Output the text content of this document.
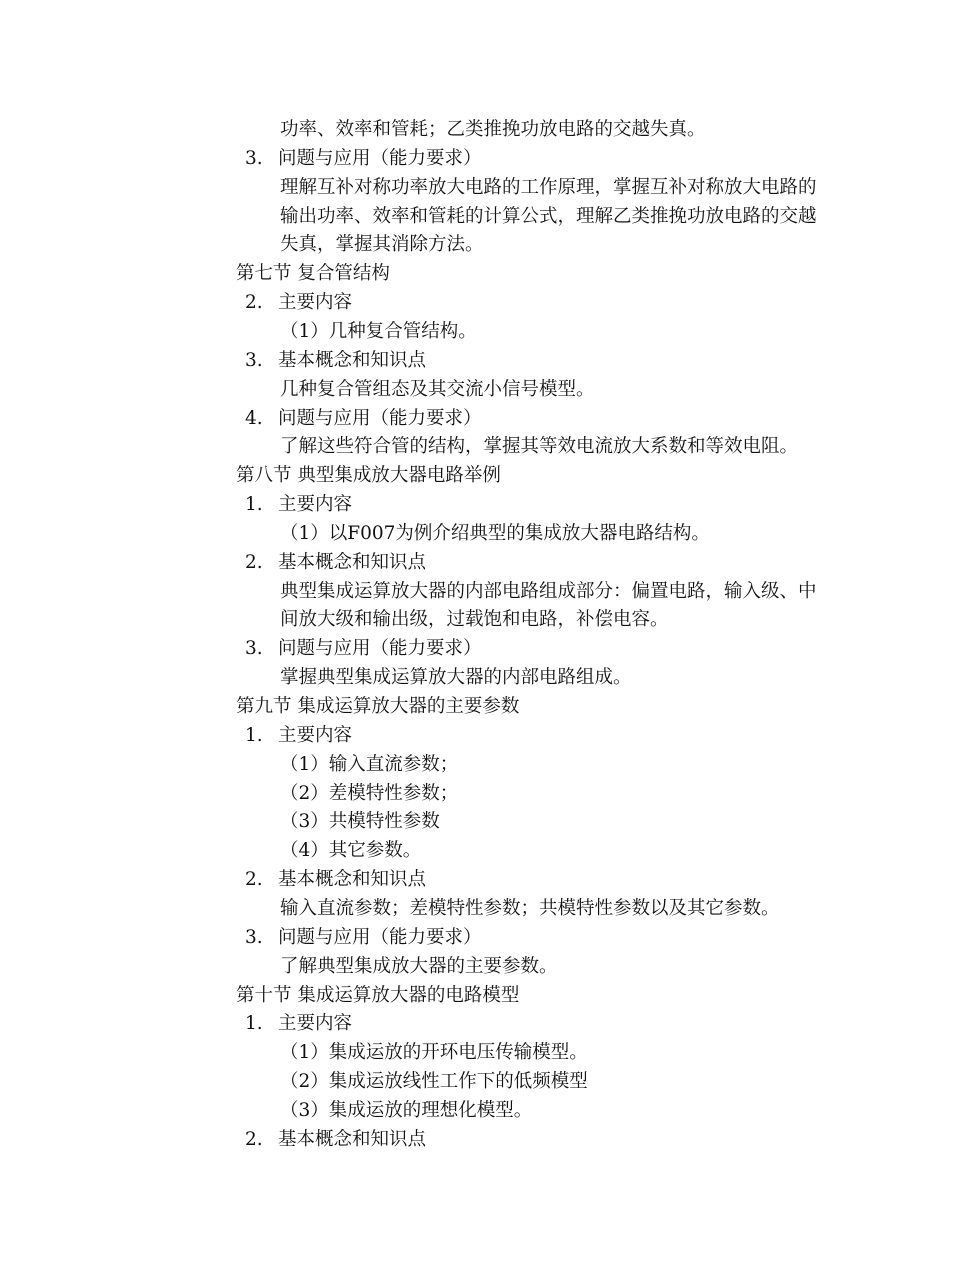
功率、效率和管耗；乙类推挽功放电路的交越失真。
3. 问题与应用（能力要求）
理解互补对称功率放大电路的工作原理，掌握互补对称放大电路的
输出功率、效率和管耗的计算公式，理解乙类推挽功放电路的交越
失真，掌握其消除方法。
第七节 复合管结构
2. 主要内容
（1）几种复合管结构。
3. 基本概念和知识点
几种复合管组态及其交流小信号模型。
4. 问题与应用（能力要求）
了解这些符合管的结构，掌握其等效电流放大系数和等效电阻。
第八节 典型集成放大器电路举例
1. 主要内容
（1）以F007为例介绍典型的集成放大器电路结构。
2. 基本概念和知识点
典型集成运算放大器的内部电路组成部分：偏置电路，输入级、中
间放大级和输出级，过载饱和电路，补偿电容。
3. 问题与应用（能力要求）
掌握典型集成运算放大器的内部电路组成。
第九节 集成运算放大器的主要参数
1. 主要内容
（1）输入直流参数；
（2）差模特性参数；
（3）共模特性参数
（4）其它参数。
2. 基本概念和知识点
输入直流参数；差模特性参数；共模特性参数以及其它参数。
3. 问题与应用（能力要求）
了解典型集成放大器的主要参数。
第十节 集成运算放大器的电路模型
1. 主要内容
（1）集成运放的开环电压传输模型。
（2）集成运放线性工作下的低频模型
（3）集成运放的理想化模型。
2. 基本概念和知识点
